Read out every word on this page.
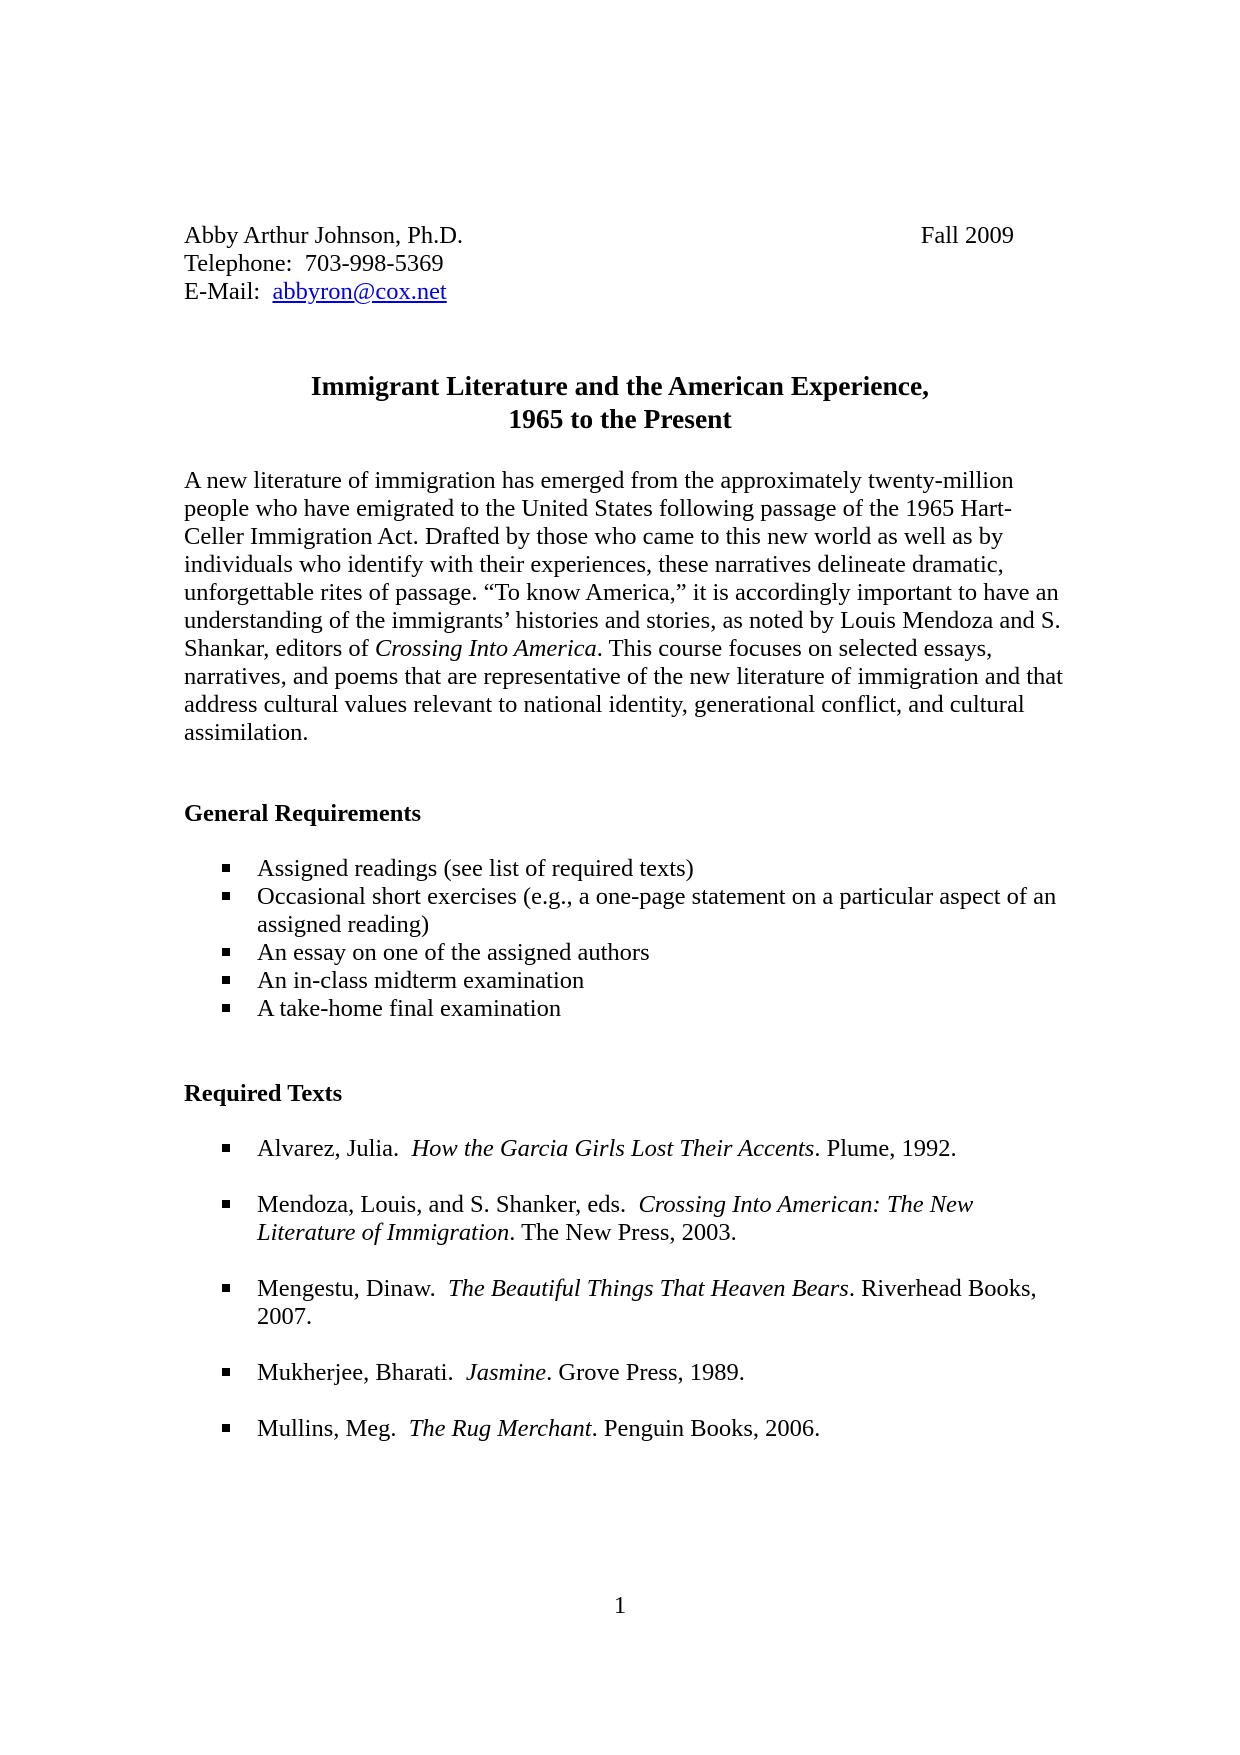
Abby Arthur Johnson, Ph.D.	Fall 2009
Telephone: 703-998-5369
E-Mail: abbyron@cox.net
Immigrant Literature and the American Experience,
1965 to the Present

A new literature of immigration has emerged from the approximately twenty-million people who have emigrated to the United States following passage of the 1965 Hart-Celler Immigration Act. Drafted by those who came to this new world as well as by individuals who identify with their experiences, these narratives delineate dramatic, unforgettable rites of passage. “To know America,” it is accordingly important to have an understanding of the immigrants’ histories and stories, as noted by Louis Mendoza and S. Shankar, editors of Crossing Into America. This course focuses on selected essays, narratives, and poems that are representative of the new literature of immigration and that address cultural values relevant to national identity, generational conflict, and cultural assimilation.

General Requirements
Assigned readings (see list of required texts)
Occasional short exercises (e.g., a one-page statement on a particular aspect of an assigned reading)
An essay on one of the assigned authors
An in-class midterm examination
A take-home final examination
Required Texts
Alvarez, Julia. How the Garcia Girls Lost Their Accents. Plume, 1992.
Mendoza, Louis, and S. Shanker, eds. Crossing Into American: The New Literature of Immigration. The New Press, 2003.
Mengestu, Dinaw. The Beautiful Things That Heaven Bears. Riverhead Books, 2007.
Mukherjee, Bharati. Jasmine. Grove Press, 1989.
Mullins, Meg. The Rug Merchant. Penguin Books, 2006.
1
